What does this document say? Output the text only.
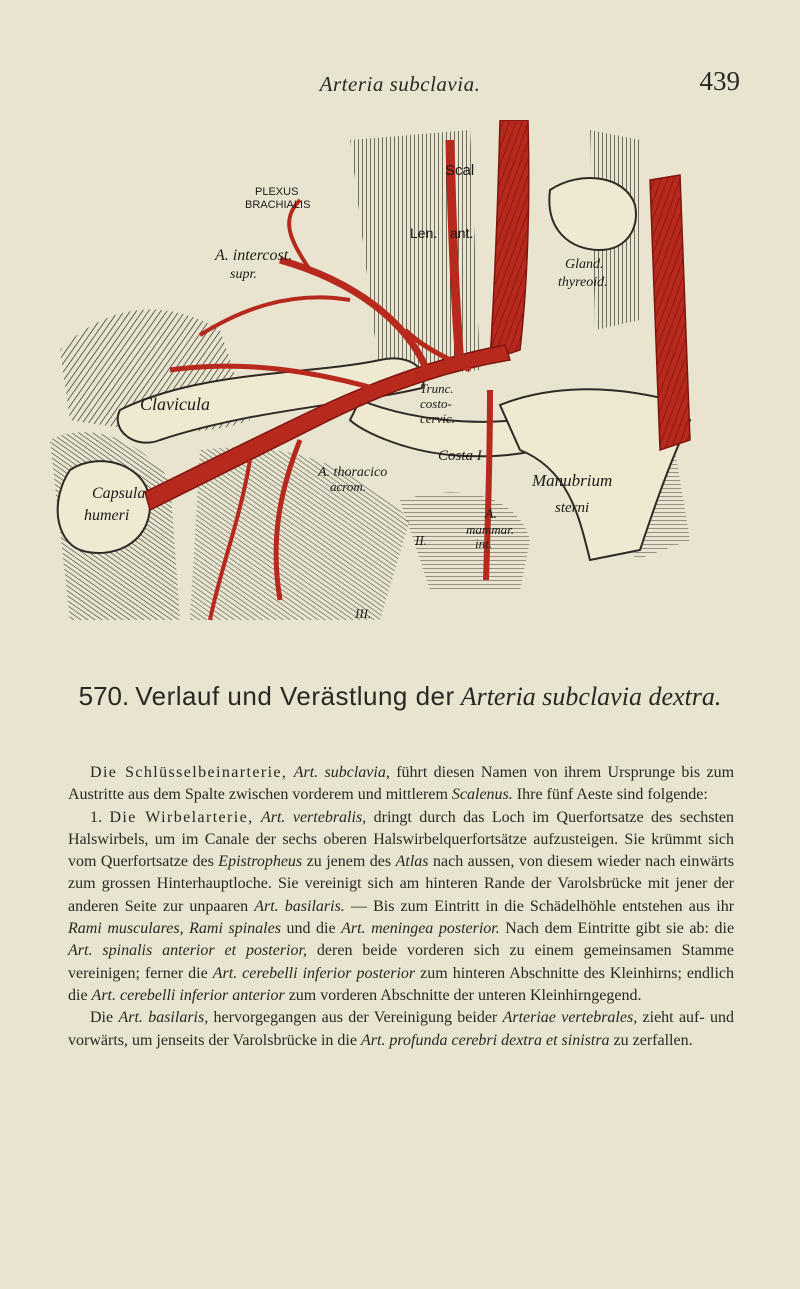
Arteria subclavia.	439
PLEXUS
BRACHIALIS
A. intercost.
supr.
Clavicula
Capsula
humeri
Gland.
thyreoid.
Trunc.
costo-
cervic.
Costa I
A. thoracico
acrom.	Manubrium
sterni
A.
mammar.
int.
II.
III.
Scal
ant.
Len.
570. Verlauf und Verästlung der Arteria subclavia dextra.

Die Schlüsselbeinarterie, Art. subclavia, führt diesen Namen von ihrem Ursprunge bis zum Austritte aus dem Spalte zwischen vorderem und mittlerem Scalenus. Ihre fünf Aeste sind folgende:

1. Die Wirbelarterie, Art. vertebralis, dringt durch das Loch im Querfortsatze des sechsten Halswirbels, um im Canale der sechs oberen Halswirbelquerfortsätze aufzusteigen. Sie krümmt sich vom Querfortsatze des Epistropheus zu jenem des Atlas nach aussen, von diesem wieder nach einwärts zum grossen Hinterhauptloche. Sie vereinigt sich am hinteren Rande der Varolsbrücke mit jener der anderen Seite zur unpaaren Art. basilaris. — Bis zum Eintritt in die Schädelhöhle entstehen aus ihr Rami musculares, Rami spinales und die Art. meningea posterior. Nach dem Eintritte gibt sie ab: die Art. spinalis anterior et posterior, deren beide vorderen sich zu einem gemeinsamen Stamme vereinigen; ferner die Art. cerebelli inferior posterior zum hinteren Abschnitte des Kleinhirns; endlich die Art. cerebelli inferior anterior zum vorderen Abschnitte der unteren Kleinhirngegend.

Die Art. basilaris, hervorgegangen aus der Vereinigung beider Arteriae vertebrales, zieht auf- und vorwärts, um jenseits der Varolsbrücke in die Art. profunda cerebri dextra et sinistra zu zerfallen.
